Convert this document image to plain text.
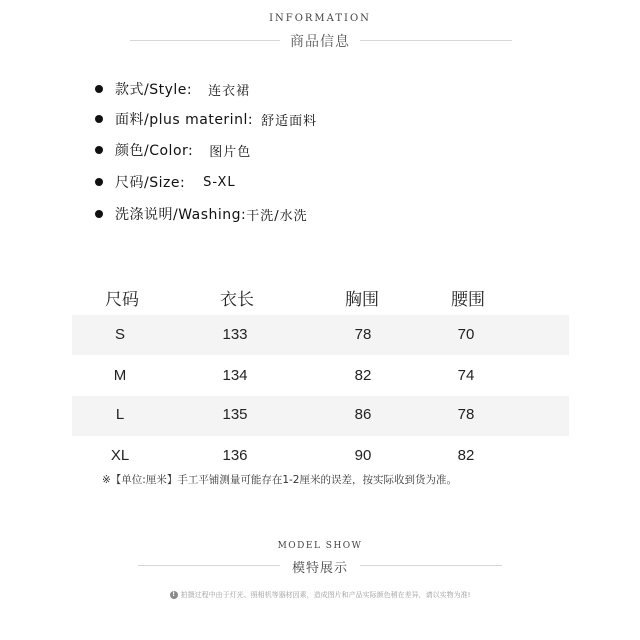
INFORMATION
商品信息
款式/Style: 连衣裙
面料/plus materinl: 舒适面料
颜色/Color: 图片色
尺码/Size: S-XL
洗涤说明/Washing: 干洗/水洗
尺码	衣长	胸围	腰围
S	133	78	70
M	134	82	74
L	135	86	78
XL	136	90	82
※【单位:厘米】手工平铺测量可能存在1-2厘米的误差，按实际收到货为准。
MODEL SHOW
模特展示
! 拍摄过程中由于灯光、照相机等器材因素，造成图片和产品实际颜色稍在差异，请以实物为准!
